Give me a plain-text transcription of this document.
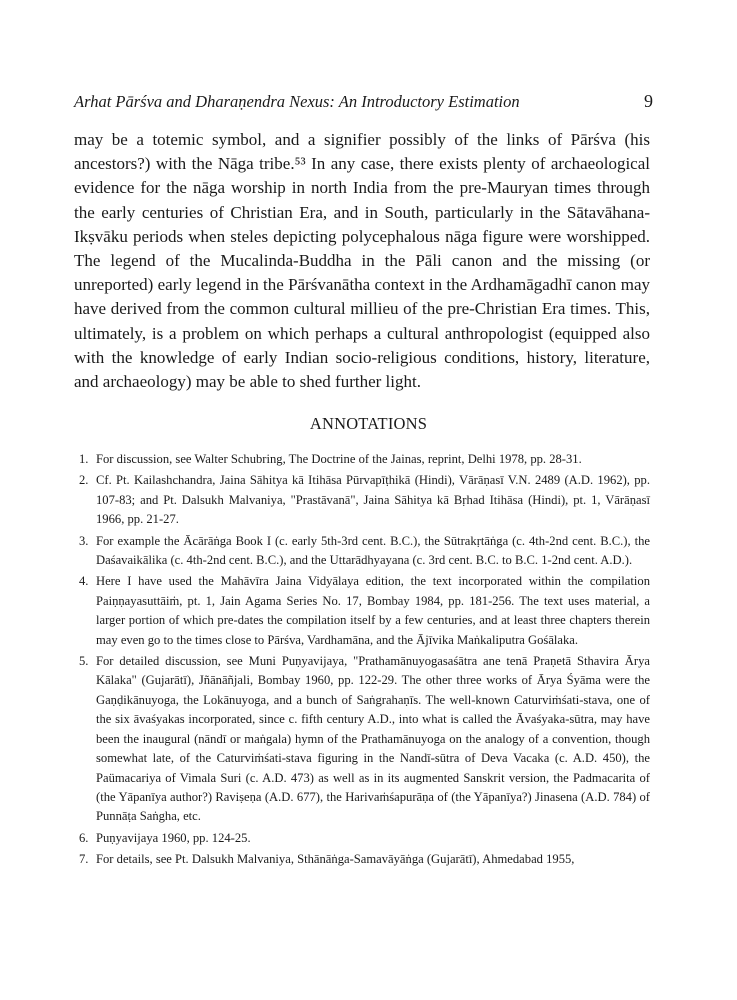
Arhat Pārśva and Dharaṇendra Nexus: An Introductory Estimation	9

may be a totemic symbol, and a signifier possibly of the links of Pārśva (his ancestors?) with the Nāga tribe.⁵³ In any case, there exists plenty of archaeological evidence for the nāga worship in north India from the pre-Mauryan times through the early centuries of Christian Era, and in South, particularly in the Sātavāhana-Ikṣvāku periods when steles depicting polycephalous nāga figure were worshipped. The legend of the Mucalinda-Buddha in the Pāli canon and the missing (or unreported) early legend in the Pārśvanātha context in the Ardhamāgadhī canon may have derived from the common cultural millieu of the pre-Christian Era times. This, ultimately, is a problem on which perhaps a cultural anthropologist (equipped also with the knowledge of early Indian socio-religious conditions, history, literature, and archaeology) may be able to shed further light.

ANNOTATIONS
1. For discussion, see Walter Schubring, The Doctrine of the Jainas, reprint, Delhi 1978, pp. 28-31.
2. Cf. Pt. Kailashchandra, Jaina Sāhitya kā Itihāsa Pūrvapīṭhikā (Hindi), Vārāṇasī V.N. 2489 (A.D. 1962), pp. 107-83; and Pt. Dalsukh Malvaniya, "Prastāvanā", Jaina Sāhitya kā Bṛhad Itihāsa (Hindi), pt. 1, Vārāṇasī 1966, pp. 21-27.
3. For example the Ācārāṅga Book I (c. early 5th-3rd cent. B.C.), the Sūtrakṛtāṅga (c. 4th-2nd cent. B.C.), the Daśavaikālika (c. 4th-2nd cent. B.C.), and the Uttarādhyayana (c. 3rd cent. B.C. to B.C. 1-2nd cent. A.D.).
4. Here I have used the Mahāvīra Jaina Vidyālaya edition, the text incorporated within the compilation Paiṇṇayasuttāiṁ, pt. 1, Jain Agama Series No. 17, Bombay 1984, pp. 181-256. The text uses material, a larger portion of which pre-dates the compilation itself by a few centuries, and at least three chapters therein may even go to the times close to Pārśva, Vardhamāna, and the Ājīvika Maṅkaliputra Gośālaka.
5. For detailed discussion, see Muni Puṇyavijaya, "Prathamānuyogasaśātra ane tenā Praṇetā Sthavira Ārya Kālaka" (Gujarātī), Jñānāñjali, Bombay 1960, pp. 122-29. The other three works of Ārya Śyāma were the Gaṇḍikānuyoga, the Lokānuyoga, and a bunch of Saṅgrahaṇīs. The well-known Caturviṁśati-stava, one of the six āvaśyakas incorporated, since c. fifth century A.D., into what is called the Āvaśyaka-sūtra, may have been the inaugural (nāndī or maṅgala) hymn of the Prathamānuyoga on the analogy of a convention, though somewhat late, of the Caturviṁśati-stava figuring in the Nandī-sūtra of Deva Vacaka (c. A.D. 450), the Paümacariya of Vimala Suri (c. A.D. 473) as well as in its augmented Sanskrit version, the Padmacarita of (the Yāpanīya author?) Raviṣeṇa (A.D. 677), the Harivaṁśapurāṇa of (the Yāpanīya?) Jinasena (A.D. 784) of Punnāṭa Saṅgha, etc.
6. Puṇyavijaya 1960, pp. 124-25.
7. For details, see Pt. Dalsukh Malvaniya, Sthānāṅga-Samavāyāṅga (Gujarātī), Ahmedabad 1955,
